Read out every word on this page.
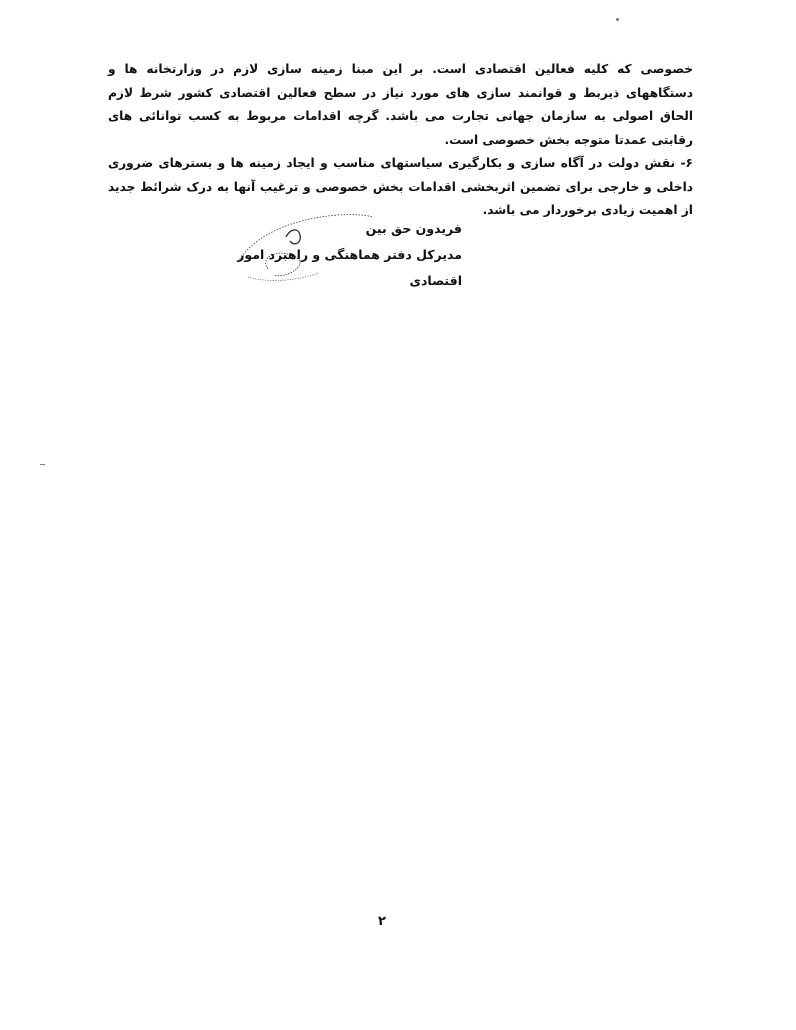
خصوصی که کلیه فعالین اقتصادی است. بر این مبنا زمینه سازی لازم در وزارتخانه ها و دستگاههای ذیربط و قوانمند سازی های مورد نیاز در سطح فعالین اقتصادی کشور شرط لازم الحاق اصولی به سازمان جهانی تجارت می باشد. گرچه اقدامات مربوط به کسب توانائی های رقابتی عمدتا متوجه بخش خصوصی است.

۶- نقش دولت در آگاه سازی و بکارگیری سیاستهای مناسب و ایجاد زمینه ها و بسترهای ضروری داخلی و خارجی برای تضمین اثربخشی اقدامات بخش خصوصی و ترغیب آنها به درک شرائط جدید از اهمیت زیادی برخوردار می باشد.

فریدون حق بین
مدیرکل دفتر هماهنگی و راهبرد امور اقتصادی
۲
